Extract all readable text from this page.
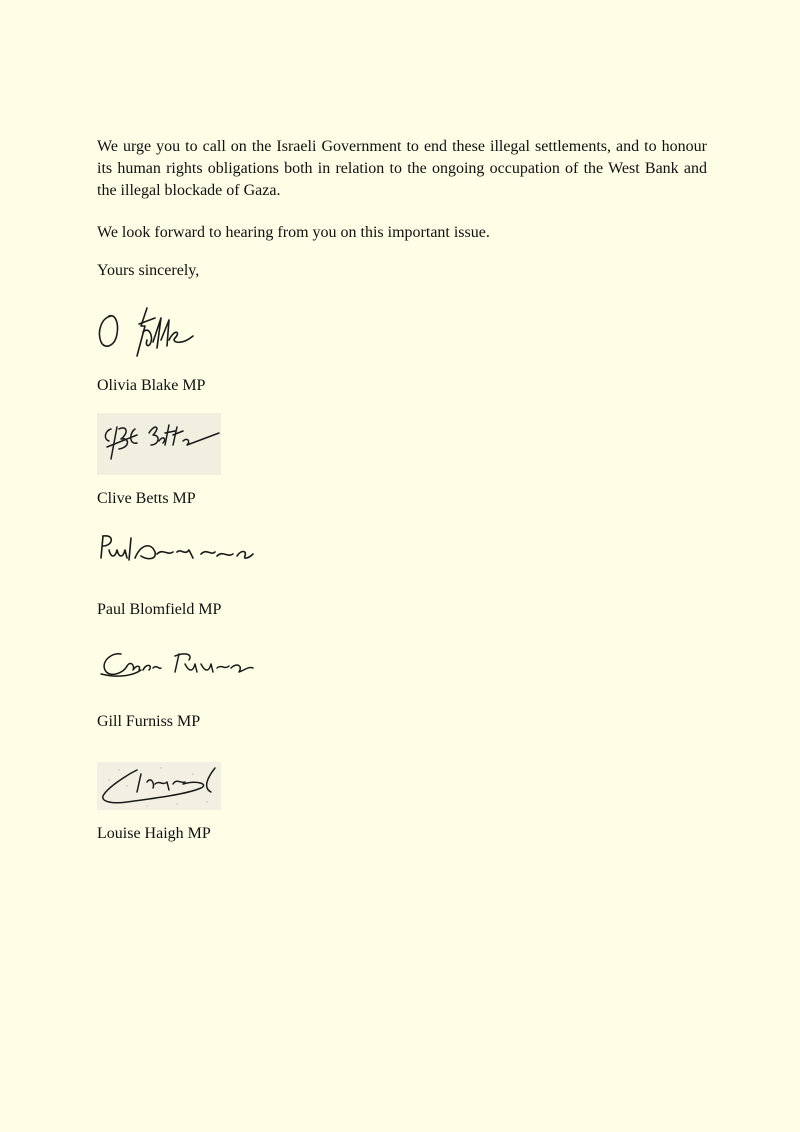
We urge you to call on the Israeli Government to end these illegal settlements, and to honour its human rights obligations both in relation to the ongoing occupation of the West Bank and the illegal blockade of Gaza.

We look forward to hearing from you on this important issue.

Yours sincerely,

Olivia Blake MP

Clive Betts MP

Paul Blomfield MP

Gill Furniss MP

Louise Haigh MP
